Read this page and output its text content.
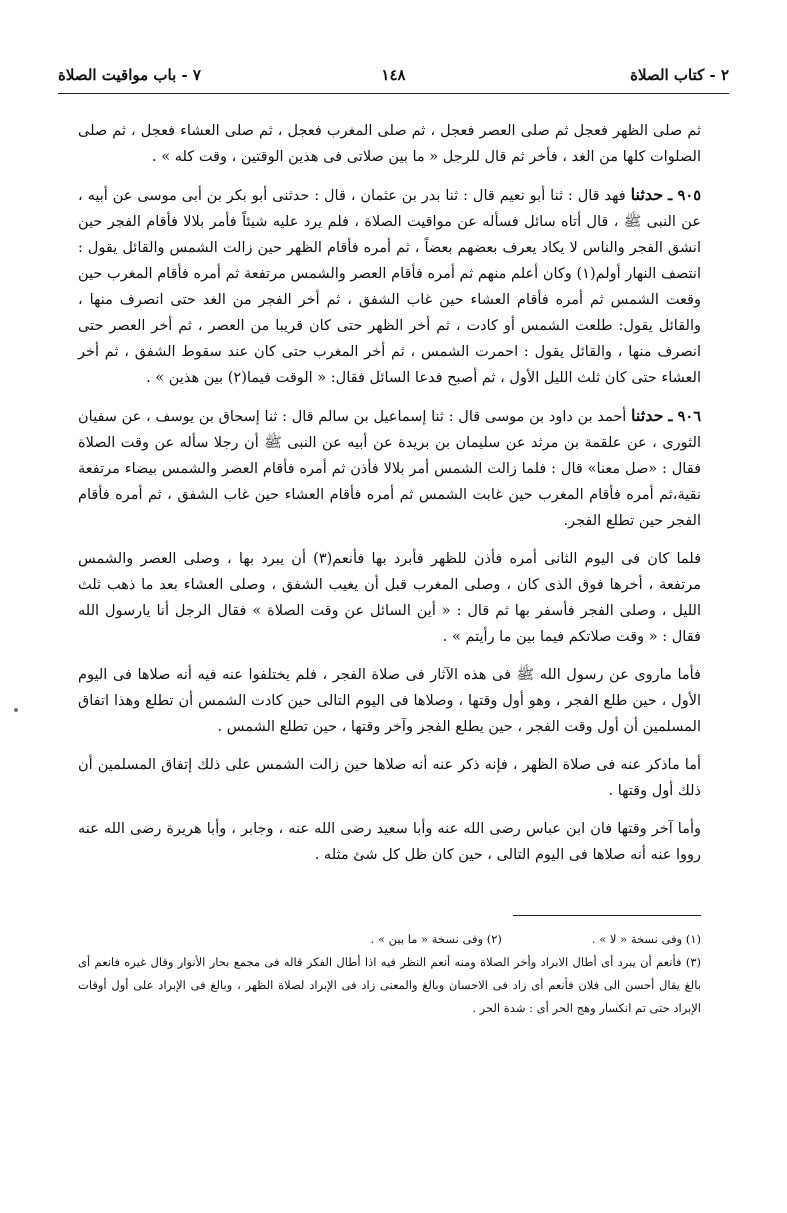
٢ - كتاب الصلاة
١٤٨
٧ - باب مواقيت الصلاة

ثم صلى الظهر فعجل ثم صلى العصر فعجل ، ثم صلى المغرب فعجل ، ثم صلى العشاء فعجل ، ثم صلى الصلوات كلها من الغد ، فأخر ثم قال للرجل « ما بين صلاتى فى هذين الوقتين ، وقت كله » .

٩٠٥ ـ حدثنا فهد قال : ثنا أبو نعيم قال : ثنا بدر بن عثمان ، قال : حدثنى أبو بكر بن أبى موسى عن أبيه ، عن النبى ﷺ ، قال أتاه سائل فسأله عن مواقيت الصلاة ، فلم يرد عليه شيئاً فأمر بلالا فأقام الفجر حين انشق الفجر والناس لا يكاد يعرف بعضهم بعضاً ، ثم أمره فأقام الظهر حين زالت الشمس والقائل يقول : انتصف النهار أولم(١) وكان أعلم منهم ثم أمره فأقام العصر والشمس مرتفعة ثم أمره فأقام المغرب حين وقعت الشمس ثم أمره فأقام العشاء حين غاب الشفق ، ثم أخر الفجر من الغد حتى انصرف منها ، والقائل يقول: طلعت الشمس أو كادت ، ثم أخر الظهر حتى كان قريبا من العصر ، ثم أخر العصر حتى انصرف منها ، والقائل يقول : احمرت الشمس ، ثم أخر المغرب حتى كان عند سقوط الشفق ، ثم أخر العشاء حتى كان ثلث الليل الأول ، ثم أصبح فدعا السائل فقال: « الوقت فيما(٢) بين هذين » .

٩٠٦ ـ حدثنا أحمد بن داود بن موسى قال : ثنا إسماعيل بن سالم قال : ثنا إسحاق بن يوسف ، عن سفيان الثورى ، عن علقمة بن مرثد عن سليمان بن بريدة عن أبيه عن النبى ﷺ أن رجلا سأله عن وقت الصلاة فقال : «صل معنا» قال : فلما زالت الشمس أمر بلالا فأذن ثم أمره فأقام العصر والشمس بيضاء مرتفعة نقية،ثم أمره فأقام المغرب حين غابت الشمس ثم أمره فأقام العشاء حين غاب الشفق ، ثم أمره فأقام الفجر حين تطلع الفجر.

فلما كان فى اليوم الثانى أمره فأذن للظهر فأبرد بها فأنعم(٣) أن يبرد بها ، وصلى العصر والشمس مرتفعة ، أخرها فوق الذى كان ، وصلى المغرب قبل أن يغيب الشفق ، وصلى العشاء بعد ما ذهب ثلث الليل ، وصلى الفجر فأسفر بها ثم قال : « أين السائل عن وقت الصلاة » فقال الرجل أنا يارسول الله فقال : « وقت صلاتكم فيما بين ما رأيتم » .

فأما ماروى عن رسول الله ﷺ فى هذه الآثار فى صلاة الفجر ، فلم يختلفوا عنه فيه أنه صلاها فى اليوم الأول ، حين طلع الفجر ، وهو أول وقتها ، وصلاها فى اليوم التالى حين كادت الشمس أن تطلع وهذا اتفاق المسلمين أن أول وقت الفجر ، حين يطلع الفجر وآخر وقتها ، حين تطلع الشمس .

أما ماذكر عنه فى صلاة الظهر ، فإنه ذكر عنه أنه صلاها حين زالت الشمس على ذلك إتفاق المسلمين أن ذلك أول وقتها .

وأما آخر وقتها فان ابن عباس رضى الله عنه وأبا سعيد رضى الله عنه ، وجابر ، وأبا هريرة رضى الله عنه رووا عنه أنه صلاها فى اليوم التالى ، حين كان ظل كل شئ مثله .

(١) وفى نسخة « لا » .
(٢) وفى نسخة « ما بين » .

(٣) فأنعم أن يبرد أى أطال الابراد وأخر الصلاة ومنه أنعم النظر فيه اذا أطال الفكر قاله فى مجمع بحار الأنوار وقال غيره فانعم أى بالغ يقال أحسن الى فلان فأنعم أى زاد فى الاحسان وبالغ والمعنى زاد فى الإبراد لصلاة الظهر ، وبالغ فى الإبراد على أول أوقات الإبراد حتى تم انكسار وهج الحر أى : شدة الحر .
